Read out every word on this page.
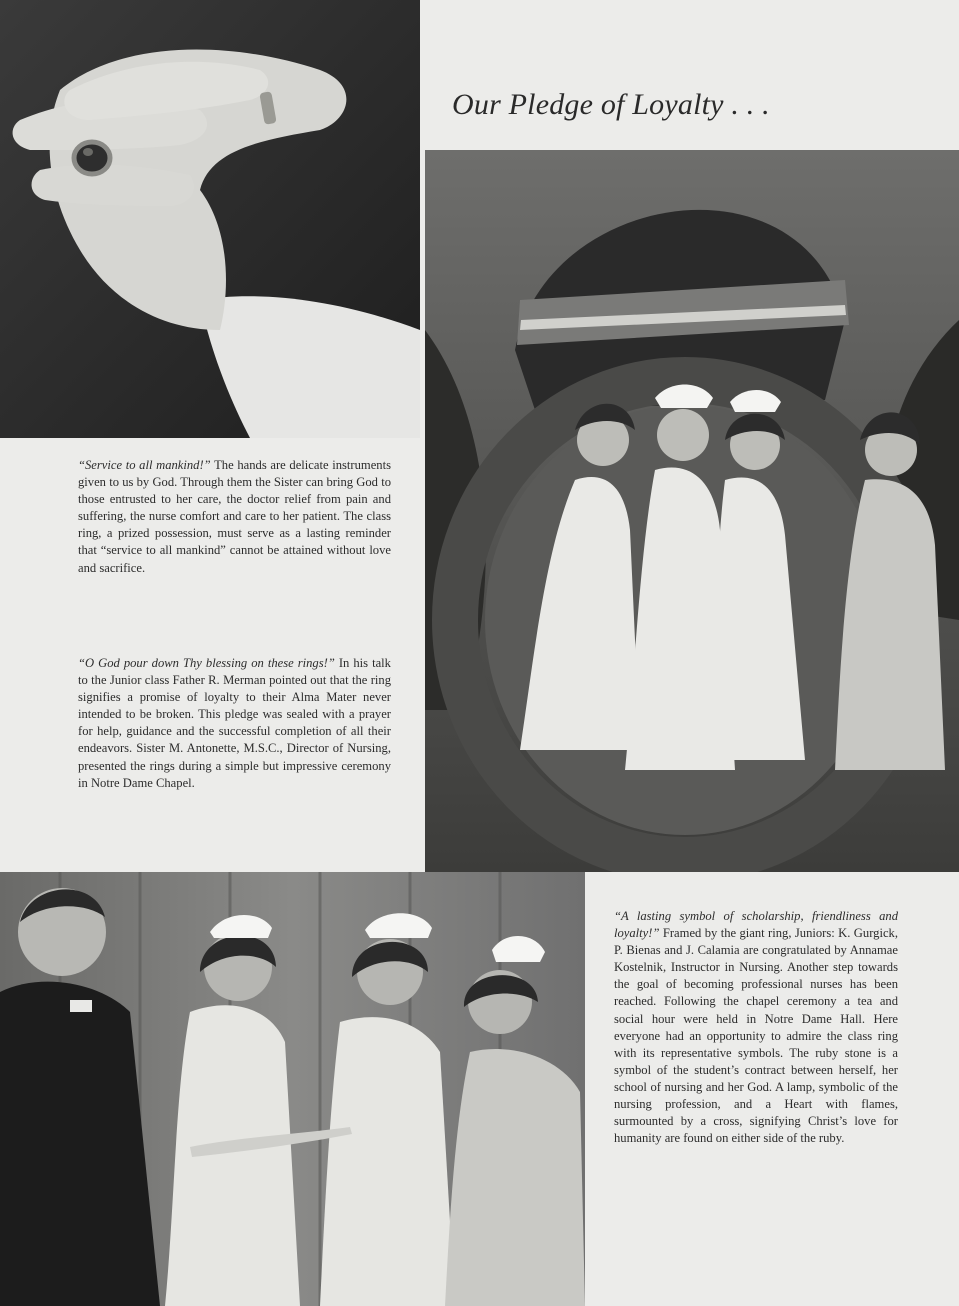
Our Pledge of Loyalty . . .
“Service to all mankind!” The hands are delicate instruments given to us by God. Through them the Sister can bring God to those entrusted to her care, the doctor relief from pain and suffering, the nurse comfort and care to her patient. The class ring, a prized possession, must serve as a lasting reminder that “service to all mankind” cannot be attained without love and sacrifice.
“O God pour down Thy blessing on these rings!” In his talk to the Junior class Father R. Merman pointed out that the ring signifies a promise of loyalty to their Alma Mater never intended to be broken. This pledge was sealed with a prayer for help, guidance and the successful completion of all their endeavors. Sister M. Antonette, M.S.C., Director of Nursing, presented the rings during a simple but impressive ceremony in Notre Dame Chapel.
“A lasting symbol of scholarship, friendliness and loyalty!” Framed by the giant ring, Juniors: K. Gurgick, P. Bienas and J. Calamia are congratulated by Annamae Kostelnik, Instructor in Nursing. Another step towards the goal of becoming professional nurses has been reached. Following the chapel ceremony a tea and social hour were held in Notre Dame Hall. Here everyone had an opportunity to admire the class ring with its representative symbols. The ruby stone is a symbol of the student’s contract between herself, her school of nursing and her God. A lamp, symbolic of the nursing profession, and a Heart with flames, surmounted by a cross, signifying Christ’s love for humanity are found on either side of the ruby.
